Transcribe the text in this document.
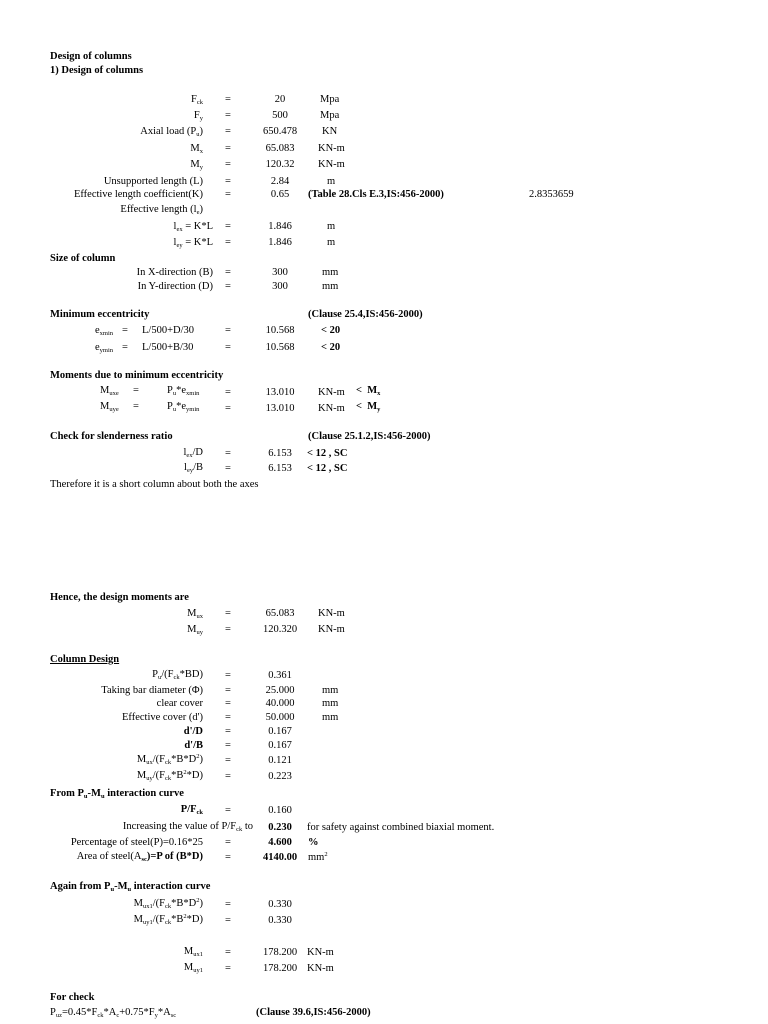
Design of columns
1) Design of columns
$F_{ck}$ =	20	Mpa
$F_y$ =	500	Mpa
Axial load $(P_u)$ =	650.478	KN
$M_x$ =	65.083	KN-m
$M_y$ =	120.32	KN-m
Unsupported length (L) =	2.84	m
Effective length coefficient(K) =	0.65	(Table 28.Cls E.3,IS:456-2000)	2.8353659
Effective length $(l_e)$
$l_{ex} = K*L$ =	1.846	m
$l_{ey} = K*L$ =	1.846	m
Size of column
In X-direction (B) =	300	mm
In Y-direction (D) =	300	mm
Minimum eccentricity	(Clause 25.4,IS:456-2000)
$e_{xmin} = L/500+D/30$	=	10.568	< 20
$e_{ymin} = L/500+B/30$	=	10.568	< 20
Moments due to minimum eccentricity
$M_{uxe}$ =	$P_u*e_{xmin}$ =	13.010	$KN-m < M_x$
$M_{uye}$ =	$P_u*e_{ymin}$ =	13.010	$KN-m < M_y$
Check for slenderness ratio	(Clause 25.1.2,IS:456-2000)
$l_{ex}/D$ =	6.153	< 12 , SC
$l_{ey}/B$ =	6.153	< 12 , SC
Therefore it is a short column about both the axes
Hence, the design moments are
$M_{ux}$ =	65.083	KN-m
$M_{uy}$ =	120.320	KN-m
Column Design
$P_u/(F_{ck}*BD)$ =	0.361
Taking bar diameter (Φ) =	25.000	mm
clear cover =	40.000	mm
Effective cover (d') =	50.000	mm
d'/D =	0.167
d'/B =	0.167
$M_{ux}/(F_{ck}*B*D^2)$ =	0.121
$M_{uy}/(F_{ck}*B^2*D)$ =	0.223
From $P_u-M_u$ interaction curve
$P/F_{ck}$ =	0.160
Increasing the value of $P/F_{ck}$ to	0.230	for safety against combined biaxial moment.
Percentage of steel(P)=0.16*25 =	4.600	%
Area of $steel(A_{sc})=P$ of (B*D) =	4140.00	$mm^2$
Again from $P_u-M_u$ interaction curve
$M_{ux1}/(F_{ck}*B*D^2)$ =	0.330
$M_{uy1}/(F_{ck}*B^2*D)$ =	0.330
$M_{ux1}$ =	178.200 KN-m
$M_{uy1}$ =	178.200 KN-m
For check
$P_{uz}=0.45*F_{ck}*A_c+0.75*F_y*A_{sc}$	(Clause 39.6,IS:456-2000)
